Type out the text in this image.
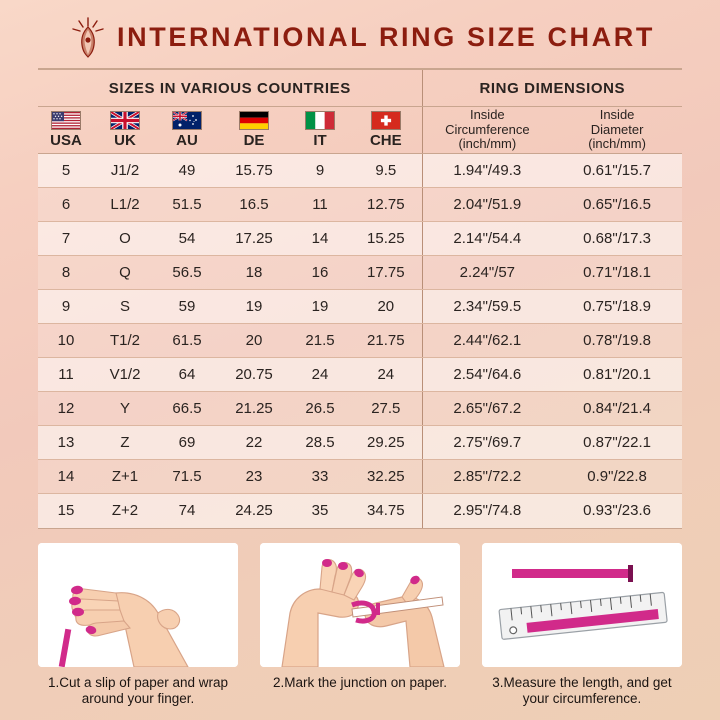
INTERNATIONAL RING SIZE CHART
SIZES IN VARIOUS COUNTRIES						RING DIMENSIONS	

USA	UK	AU	DE	IT	CHE	
Inside
Circumference
(inch/mm)

Inside
Diameter
(inch/mm)

5	J1/2	49	15.75	9	9.5	1.94"/49.3	0.61"/15.7
6	L1/2	51.5	16.5	11	12.75	2.04"/51.9	0.65"/16.5
7	O	54	17.25	14	15.25	2.14"/54.4	0.68"/17.3
8	Q	56.5	18	16	17.75	2.24"/57	0.71"/18.1
9	S	59	19	19	20	2.34"/59.5	0.75"/18.9
10	T1/2	61.5	20	21.5	21.75	2.44"/62.1	0.78"/19.8
11	V1/2	64	20.75	24	24	2.54"/64.6	0.81"/20.1
12	Y	66.5	21.25	26.5	27.5	2.65"/67.2	0.84"/21.4
13	Z	69	22	28.5	29.25	2.75"/69.7	0.87"/22.1
14	Z+1	71.5	23	33	32.25	2.85"/72.2	0.9"/22.8
15	Z+2	74	24.25	35	34.75	2.95"/74.8	0.93"/23.6
1.Cut a slip of paper and wrap around your finger.
2.Mark the junction on paper.	3.Measure the length, and get your circumference.
